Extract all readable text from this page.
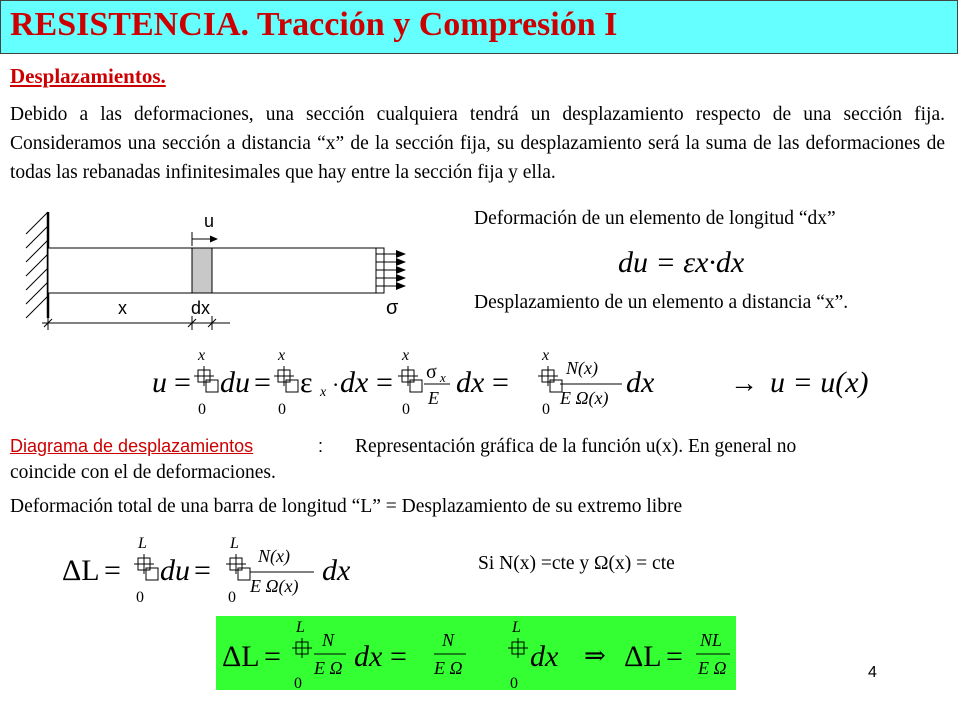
RESISTENCIA. Tracción y Compresión I
Desplazamientos.
Debido a las deformaciones, una sección cualquiera tendrá un desplazamiento respecto de una sección fija. Consideramos una sección a distancia “x” de la sección fija, su desplazamiento será la suma de las deformaciones de todas las rebanadas infinitesimales que hay entre la sección fija y ella.
u
x	dx	σ
Deformación de un elemento de longitud “dx”
du = εx·dx
Desplazamiento de un elemento a distancia “x”.
u =
x
0
du =
x
0
ε x · dx =
x
0
σ x
E dx =
x
0
N(x)
E Ω(x) dx	→ u = u(x)
Diagrama de desplazamientos	: Representación gráfica de la función u(x). En general no
coincide con el de deformaciones.
Deformación total de una barra de longitud “L” = Desplazamiento de su extremo libre
ΔL =
L
0
du =
L
0
N(x)
E Ω(x) dx	Si N(x) =cte y Ω(x) = cte
ΔL =
L
0
N
E Ω dx = N
E Ω
L
0
dx ⇒ ΔL = NL
E Ω	4
